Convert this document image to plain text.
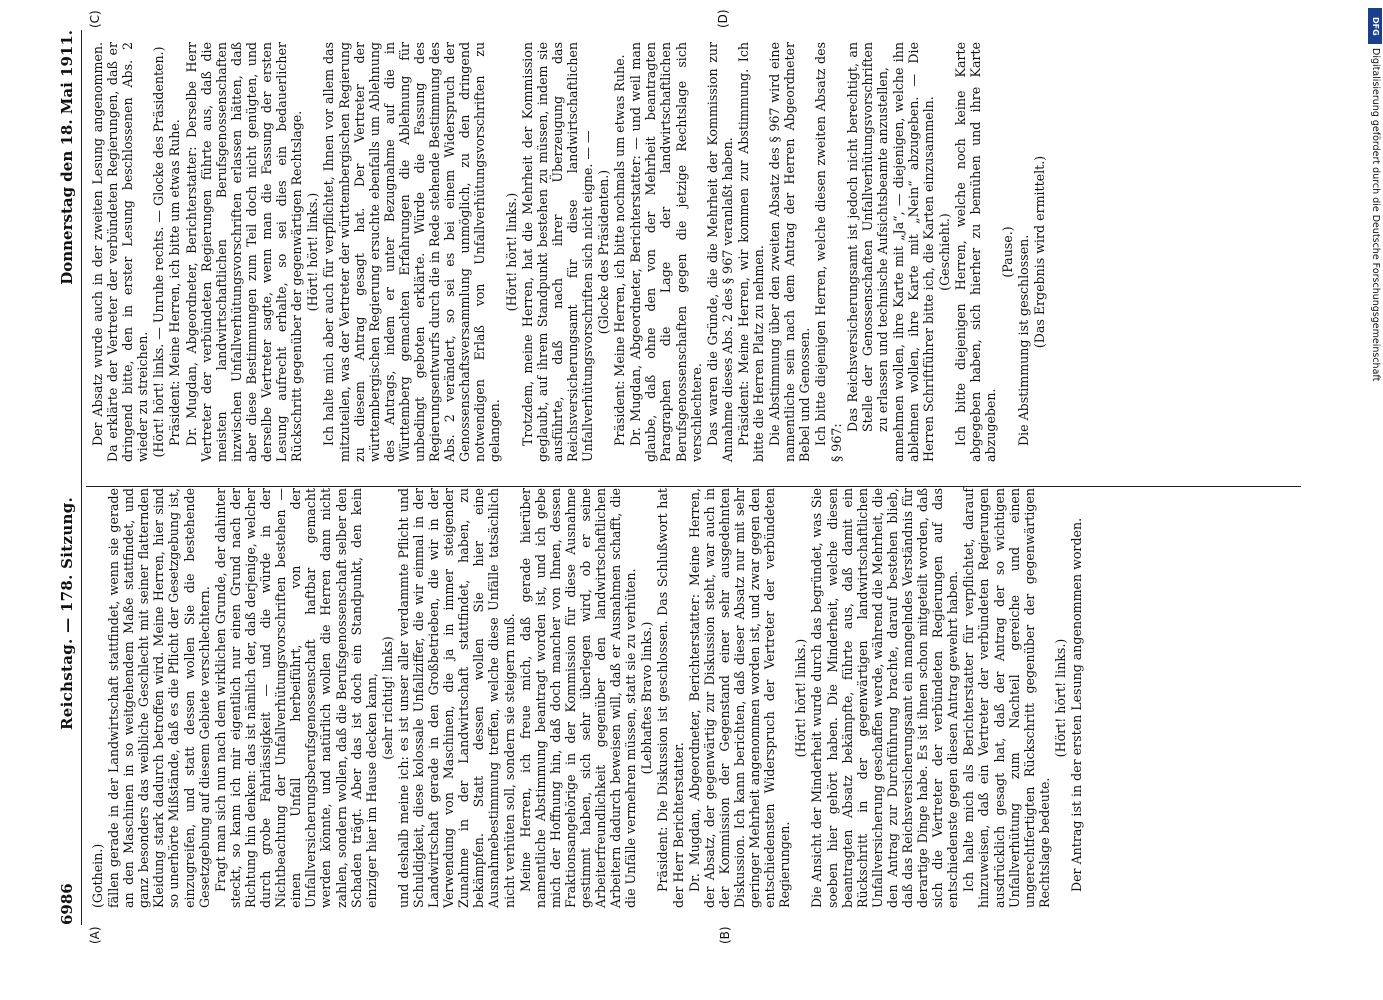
6986
Reichstag. — 178. Sitzung.
Donnerstag den 18. Mai 1911.
(A)	(B)
(C)	(D)

(Gothein.) fällen gerade in der Landwirtschaft stattfindet, wenn sie gerade an den Maschinen in so weitgehendem Maße stattfindet, und ganz besonders das weibliche Geschlecht mit seiner flatternden Kleidung stark dadurch betroffen wird. Meine Herren, hier sind so unerhörte Mißstände, daß es die Pflicht der Gesetzgebung ist, einzugreifen, und statt dessen wollen Sie die bestehende Gesetzgebung auf diesem Gebiete verschlechtern. Fragt man sich nun nach dem wirklichen Grunde, der dahinter steckt, so kann ich mir eigentlich nur einen Grund nach der Richtung hin denken: das ist nämlich der, daß derjenige, welcher durch grobe Fahrlässigkeit — und die würde in der Nichtbeachtung der Unfallverhütungsvorschriften bestehen — einen Unfall herbeiführt, von der Unfallversicherungsberufsgenossenschaft haftbar gemacht werden könnte, und natürlich wollen die Herren dann nicht zahlen, sondern wollen, daß die Berufsgenossenschaft selber den Schaden trägt. Aber das ist doch ein Standpunkt, den kein einziger hier im Hause decken kann, (sehr richtig! links) und deshalb meine ich: es ist unser aller verdammte Pflicht und Schuldigkeit, diese kolossale Unfallziffer, die wir einmal in der Landwirtschaft gerade in den Großbetrieben, die wir in der Verwendung von Maschinen, die ja in immer steigender Zunahme in der Landwirtschaft stattfindet, haben, zu bekämpfen. Statt dessen wollen Sie hier eine Ausnahmebestimmung treffen, welche diese Unfälle tatsächlich nicht verhüten soll, sondern sie steigern muß. Meine Herren, ich freue mich, daß gerade hierüber namentliche Abstimmung beantragt worden ist, und ich gebe mich der Hoffnung hin, daß doch mancher von Ihnen, dessen Fraktionsangehörige in der Kommission für diese Ausnahme gestimmt haben, sich sehr überlegen wird, ob er seine Arbeiterfreundlichkeit gegenüber den landwirtschaftlichen Arbeitern dadurch beweisen will, daß er Ausnahmen schafft, die die Unfälle vermehren müssen, statt sie zu verhüten. (Lebhaftes Bravo links.) Präsident: Die Diskussion ist geschlossen. Das Schlußwort hat der Herr Berichterstatter. Dr. Mugdan, Abgeordneter, Berichterstatter: Meine Herren, der Absatz, der gegenwärtig zur Diskussion steht, war auch in der Kommission der Gegenstand einer sehr ausgedehnten Diskussion. Ich kann berichten, daß dieser Absatz nur mit sehr geringer Mehrheit angenommen worden ist, und zwar gegen den entschiedensten Widerspruch der Vertreter der verbündeten Regierungen.

(Hört! hört! links.) Die Ansicht der Minderheit wurde durch das begründet, was Sie soeben hier gehört haben. Die Minderheit, welche diesen beantragten Absatz bekämpfte, führte aus, daß damit ein Rückschritt in der gegenwärtigen landwirtschaftlichen Unfallversicherung geschaffen werde, während die Mehrheit, die den Antrag zur Durchführung brachte, darauf bestehen blieb, daß das Reichsversicherungsamt ein mangelndes Verständnis für derartige Dinge habe. Es ist ihnen schon mitgeteilt worden, daß sich die Vertreter der verbündeten Regierungen auf das entschiedenste gegen diesen Antrag gewehrt haben. Ich halte mich als Berichterstatter für verpflichtet, darauf hinzuweisen, daß ein Vertreter der verbündeten Regierungen ausdrücklich gesagt hat, daß der Antrag der so wichtigen Unfallverhütung zum Nachteil gereiche und einen ungerechtfertigten Rückschritt gegenüber der gegenwärtigen Rechtslage bedeute.

(Hört! hört! links.) Der Antrag ist in der ersten Lesung angenommen worden.

Der Absatz wurde auch in der zweiten Lesung angenommen. Da erklärte der Vertreter der verbündeten Regierungen, daß er dringend bitte, den in erster Lesung beschlossenen Abs. 2 wieder zu streichen. (Hört! hört! links. — Unruhe rechts. — Glocke des Präsidenten.) Präsident: Meine Herren, ich bitte um etwas Ruhe. Dr. Mugdan, Abgeordneter, Berichterstatter: Derselbe Herr Vertreter der verbündeten Regierungen führte aus, daß die meisten landwirtschaftlichen Berufsgenossenschaften inzwischen Unfallverhütungsvorschriften erlassen hätten, daß aber diese Bestimmungen zum Teil doch nicht genügten, und derselbe Vertreter sagte, wenn man die Fassung der ersten Lesung aufrecht erhalte, so sei dies ein bedauerlicher Rückschritt gegenüber der gegenwärtigen Rechtslage. (Hört! hört! links.) Ich halte mich aber auch für verpflichtet, Ihnen vor allem das mitzuteilen, was der Vertreter der württembergischen Regierung zu diesem Antrag gesagt hat. Der Vertreter der württembergischen Regierung ersuchte ebenfalls um Ablehnung des Antrags, indem er unter Bezugnahme auf die in Württemberg gemachten Erfahrungen die Ablehnung für unbedingt geboten erklärte. Würde die Fassung des Regierungsentwurfs durch die in Rede stehende Bestimmung des Abs. 2 verändert, so sei es bei einem Widerspruch der Genossenschaftsversammlung unmöglich, zu den dringend notwendigen Erlaß von Unfallverhütungsvorschriften zu gelangen.

(Hört! hört! links.) Trotzdem, meine Herren, hat die Mehrheit der Kommission geglaubt, auf ihrem Standpunkt bestehen zu müssen, indem sie ausführte, daß nach ihrer Überzeugung das Reichsversicherungsamt für diese landwirtschaftlichen Unfallverhütungsvorschriften sich nicht eigne. — — (Glocke des Präsidenten.) Präsident: Meine Herren, ich bitte nochmals um etwas Ruhe. Dr. Mugdan, Abgeordneter, Berichterstatter: — und weil man glaube, daß ohne den von der Mehrheit beantragten Paragraphen die Lage der landwirtschaftlichen Berufsgenossenschaften gegen die jetzige Rechtslage sich verschlechtere. Das waren die Gründe, die die Mehrheit der Kommission zur Annahme dieses Abs. 2 des § 967 veranlaßt haben. Präsident: Meine Herren, wir kommen zur Abstimmung. Ich bitte die Herren Platz zu nehmen. Die Abstimmung über den zweiten Absatz des § 967 wird eine namentliche sein nach dem Antrag der Herren Abgeordneter Bebel und Genossen. Ich bitte diejenigen Herren, welche diesen zweiten Absatz des § 967:

Das Reichsversicherungsamt ist jedoch nicht berechtigt, an Stelle der Genossenschaften Unfallverhütungsvorschriften zu erlassen und technische Aufsichtsbeamte anzustellen, annehmen wollen, ihre Karte mit „Ja“, — diejenigen, welche ihn ablehnen wollen, ihre Karte mit „Nein“ abzugeben. — Die Herren Schriftführer bitte ich, die Karten einzusammeln. (Geschieht.) Ich bitte diejenigen Herren, welche noch keine Karte abgegeben haben, sich hierher zu bemühen und ihre Karte abzugeben.

(Pause.) Die Abstimmung ist geschlossen. (Das Ergebnis wird ermittelt.)

DFG
Digitalisierung gefördert durch die Deutsche Forschungsgemeinschaft
